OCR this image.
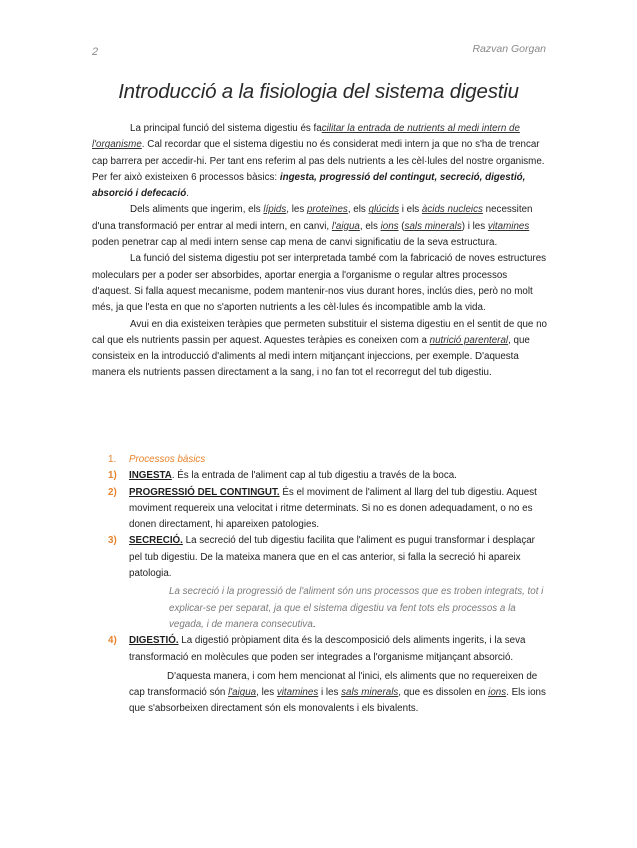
2	Razvan Gorgan
Introducció a la fisiologia del sistema digestiu

La principal funció del sistema digestiu és facilitar la entrada de nutrients al medi intern de l'organisme. Cal recordar que el sistema digestiu no és considerat medi intern ja que no s'ha de trencar cap barrera per accedir-hi. Per tant ens referim al pas dels nutrients a les cèl·lules del nostre organisme. Per fer això existeixen 6 processos bàsics: ingesta, progressió del contingut, secreció, digestió, absorció i defecació.

Dels aliments que ingerim, els lípids, les proteïnes, els glúcids i els àcids nucleics necessiten d'una transformació per entrar al medi intern, en canvi, l'aigua, els ions (sals minerals) i les vitamines poden penetrar cap al medi intern sense cap mena de canvi significatiu de la seva estructura.

La funció del sistema digestiu pot ser interpretada també com la fabricació de noves estructures moleculars per a poder ser absorbides, aportar energia a l'organisme o regular altres processos d'aquest. Si falla aquest mecanisme, podem mantenir-nos vius durant hores, inclús dies, però no molt més, ja que l'esta en que no s'aporten nutrients a les cèl·lules és incompatible amb la vida.

Avui en dia existeixen teràpies que permeten substituir el sistema digestiu en el sentit de que no cal que els nutrients passin per aquest. Aquestes teràpies es coneixen com a nutrició parenteral, que consisteix en la introducció d'aliments al medi intern mitjançant injeccions, per exemple. D'aquesta manera els nutrients passen directament a la sang, i no fan tot el recorregut del tub digestiu.

1. Processos bàsics

1) INGESTA. És la entrada de l'aliment cap al tub digestiu a través de la boca.

2) PROGRESSIÓ DEL CONTINGUT. És el moviment de l'aliment al llarg del tub digestiu. Aquest moviment requereix una velocitat i ritme determinats. Si no es donen adequadament, o no es donen directament, hi apareixen patologies.

3) SECRECIÓ. La secreció del tub digestiu facilita que l'aliment es pugui transformar i desplaçar pel tub digestiu. De la mateixa manera que en el cas anterior, si falla la secreció hi apareix patologia.

La secreció i la progressió de l'aliment són uns processos que es troben integrats, tot i explicar-se per separat, ja que el sistema digestiu va fent tots els processos a la vegada, i de manera consecutiva.

4) DIGESTIÓ. La digestió pròpiament dita és la descomposició dels aliments ingerits, i la seva transformació en molècules que poden ser integrades a l'organisme mitjançant absorció.

D'aquesta manera, i com hem mencionat al l'inici, els aliments que no requereixen de cap transformació són l'aigua, les vitamines i les sals minerals, que es dissolen en ions. Els ions que s'absorbeixen directament són els monovalents i els bivalents.
